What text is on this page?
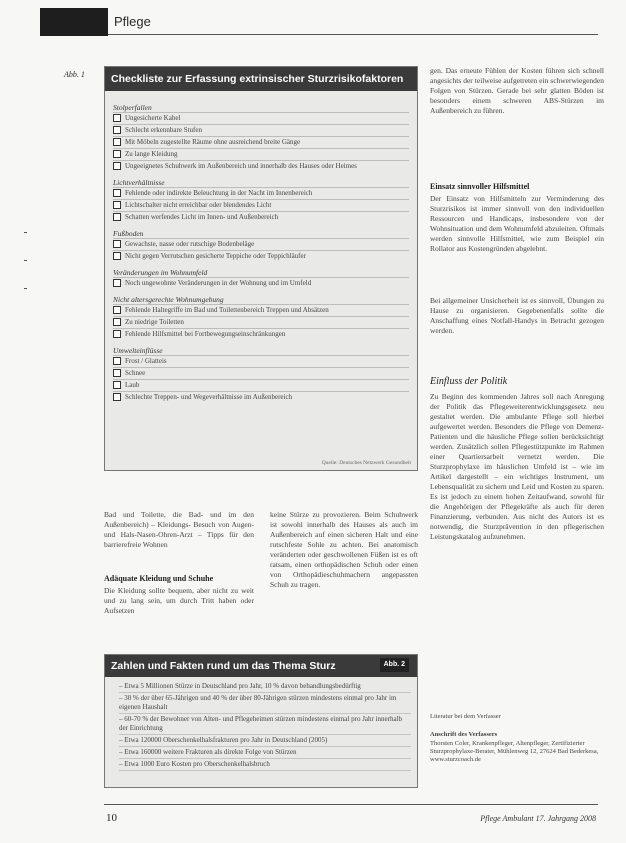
Pflege
Abb. 1	Checkliste zur Erfassung extrinsischer Sturzrisikofaktoren
Stolperfallen
Ungesicherte Kabel
Schlecht erkennbare Stufen
Mit Möbeln zugestellte Räume ohne ausreichend breite Gänge
Zu lange Kleidung
Ungeeignetes Schuhwerk im Außenbereich und innerhalb des Hauses oder Heimes
Lichtverhältnisse
Fehlende oder indirekte Beleuchtung in der Nacht im Innenbereich
Lichtschalter nicht erreichbar oder blendendes Licht
Schatten werfendes Licht im Innen- und Außenbereich
Fußboden
Gewachste, nasse oder rutschige Bodenbeläge
Nicht gegen Verrutschen gesicherte Teppiche oder Teppichläufer
Veränderungen im Wohnumfeld
Noch ungewohnte Veränderungen in der Wohnung und im Umfeld
Nicht altersgerechte Wohnumgebung
Fehlende Haltegriffe im Bad und Toilettenbereich Treppen und Absätzen
Zu niedrige Toiletten
Fehlende Hilfsmittel bei Fortbewegungseinschränkungen
Umwelteinflüsse
Frost / Glatteis
Schnee
Laub
Schlechte Treppen- und Wegeverhältnisse im Außenbereich
Quelle: Deutsches Netzwerk Gesundheit
Bad und Toilette, die Bad- und im den Außenbereich) – Kleidungs- Besuch von Augen- und Hals-Nasen-Ohren-Arzt – Tipps für den barrierefreie Wohnen
Adäquate Kleidung und Schuhe
Die Kleidung sollte bequem, aber nicht zu weit und zu lang sein, um durch Tritt haben oder Aufsetzen
keine Stürze zu provozieren. Beim Schuhwerk ist sowohl innerhalb des Hauses als auch im Außenbereich auf einen sicheren Halt und eine rutschfeste Sohle zu achten. Bei anatomisch veränderten oder geschwollenen Füßen ist es oft ratsam, einen orthopädischen Schuh oder einen von Orthopädieschuhmachern angepassten Schuh zu tragen.
Zahlen und Fakten rund um das Thema Sturz	Abb. 2
– Etwa 5 Millionen Stürze in Deutschland pro Jahr, 10 % davon behandlungsbedürftig
– 30 % der über 65-Jährigen und 40 % der über 80-Jährigen stürzen mindestens einmal pro Jahr im eigenen Haushalt
– 60-70 % der Bewohner von Alten- und Pflegeheimen stürzen mindestens einmal pro Jahr innerhalb der Einrichtung
– Etwa 120000 Oberschenkelhalsfrakturen pro Jahr in Deutschland (2005)
– Etwa 160000 weitere Frakturen als direkte Folge von Stürzen
– Etwa 1000 Euro Kosten pro Oberschenkelhalsbruch
gen. Das erneute Fühlen der Kosten führen sich schnell angesichts der teilweise aufgetreten ein schwerwiegenden Folgen von Stürzen. Gerade bei sehr glatten Böden ist besonders einem schweren ABS-Stürzen im Außenbereich zu führen.
Einsatz sinnvoller Hilfsmittel
Der Einsatz von Hilfsmitteln zur Verminderung des Sturzrisikos ist immer sinnvoll von den individuellen Ressourcen und Handicaps, insbesondere von der Wohnsituation und dem Wohnumfeld abzuleiten. Oftmals werden sinnvolle Hilfsmittel, wie zum Beispiel ein Rollator aus Kostengründen abgelehnt.
Bei allgemeiner Unsicherheit ist es sinnvoll, Übungen zu Hause zu organisieren. Gegebenenfalls sollte die Anschaffung eines Notfall-Handys in Betracht gezogen werden.
Einfluss der Politik
Zu Beginn des kommenden Jahres soll nach Anregung der Politik das Pflegeweiterentwicklungsgesetz neu gestaltet werden. Die ambulante Pflege soll hierbei aufgewertet werden. Besonders die Pflege von Demenz-Patienten und die häusliche Pflege sollen berücksichtigt werden. Zusätzlich sollen Pflegestützpunkte im Rahmen einer Quartiersarbeit vernetzt werden. Die Sturzprophylaxe im häuslichen Umfeld ist – wie im Artikel dargestellt – ein wichtiges Instrument, um Lebensqualität zu sichern und Leid und Kosten zu sparen. Es ist jedoch zu einem hohen Zeitaufwand, sowohl für die Angehörigen der Pflegekräfte als auch für deren Finanzierung, verbunden. Aus nicht des Autors ist es notwendig, die Sturzprävention in den pflegerischen Leistungskatalog aufzunehmen.
Literatur bei dem Verfasser
Anschrift des Verfassers
Thorsten Coler, Krankenpfleger, Altenpfleger, Zertifizierter Sturzprophylaxe-Berater, Mühlenweg 12, 27624 Bad Bederkesa, www.sturzcoach.de
10	Pflege Ambulant 17. Jahrgang 2008
